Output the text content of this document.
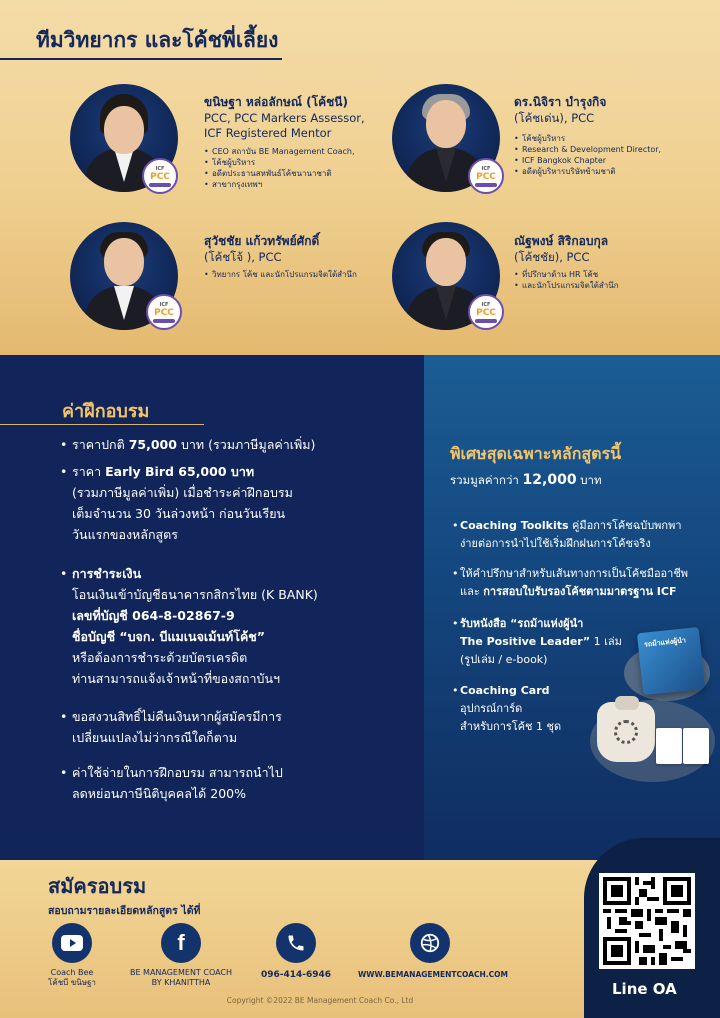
ทีมวิทยากร และโค้ชพี่เลี้ยง
ICF
PCC
ขนิษฐา หล่อลักษณ์ (โค้ชนี)
PCC, PCC Markers Assessor,
ICF Registered Mentor
• CEO สถาบัน BE Management Coach,
• โค้ชผู้บริหาร
• อดีตประธานสหพันธ์โค้ชนานาชาติ
• สาขากรุงเทพฯ
ICF
PCC
ดร.นิจิรา บำรุงกิจ
(โค้ชเด่น), PCC
• โค้ชผู้บริหาร
• Research & Development Director,
• ICF Bangkok Chapter
• อดีตผู้บริหารบริษัทข้ามชาติ
ICF
PCC
สุวัชชัย แก้วทรัพย์ศักดิ์
(โค้ชโจ้ ), PCC
• วิทยากร โค้ช และนักโปรแกรมจิตใต้สำนึก
ICF
PCC
ณัฐพงษ์ สิริกอบกุล
(โค้ชชัย), PCC
• ที่ปรึกษาด้าน HR โค้ช
• และนักโปรแกรมจิตใต้สำนึก
ค่าฝึกอบรม
• ราคาปกติ 75,000 บาท (รวมภาษีมูลค่าเพิ่ม)
• ราคา Early Bird 65,000 บาท
(รวมภาษีมูลค่าเพิ่ม) เมื่อชำระค่าฝึกอบรม
เต็มจำนวน 30 วันล่วงหน้า ก่อนวันเรียน
วันแรกของหลักสูตร
• การชำระเงิน
โอนเงินเข้าบัญชีธนาคารกสิกรไทย (K BANK)
เลขที่บัญชี 064-8-02867-9
ชื่อบัญชี “บจก. บีแมเนจเม้นท์โค้ช”
หรือต้องการชำระด้วยบัตรเครดิต
ท่านสามารถแจ้งเจ้าหน้าที่ของสถาบันฯ
• ขอสงวนสิทธิ์ไม่คืนเงินหากผู้สมัครมีการ
เปลี่ยนแปลงไม่ว่ากรณีใดก็ตาม
• ค่าใช้จ่ายในการฝึกอบรม สามารถนำไป
ลดหย่อนภาษีนิติบุคคลได้ 200%
พิเศษสุดเฉพาะหลักสูตรนี้
รวมมูลค่ากว่า 12,000 บาท
• Coaching Toolkits คู่มือการโค้ชฉบับพกพา
ง่ายต่อการนำไปใช้เริ่มฝึกฝนการโค้ชจริง
• ให้คำปรึกษาสำหรับเส้นทางการเป็นโค้ชมืออาชีพ
และ การสอบใบรับรองโค้ชตามมาตรฐาน ICF
• รับหนังสือ “รถม้าแห่งผู้นำ
The Positive Leader” 1 เล่ม
(รูปเล่ม / e-book)
• Coaching Card
อุปกรณ์การ์ด
สำหรับการโค้ช 1 ชุด
รถม้าแห่งผู้นำ
Line OA
สมัครอบรม
สอบถามรายละเอียดหลักสูตร ได้ที่
Coach Bee
โค้ชบี ขนิษฐา
f
BE MANAGEMENT COACH
BY KHANITTHA
096-414-6946	WWW.BEMANAGEMENTCOACH.COM
Copyright ©2022 BE Management Coach Co., Ltd
